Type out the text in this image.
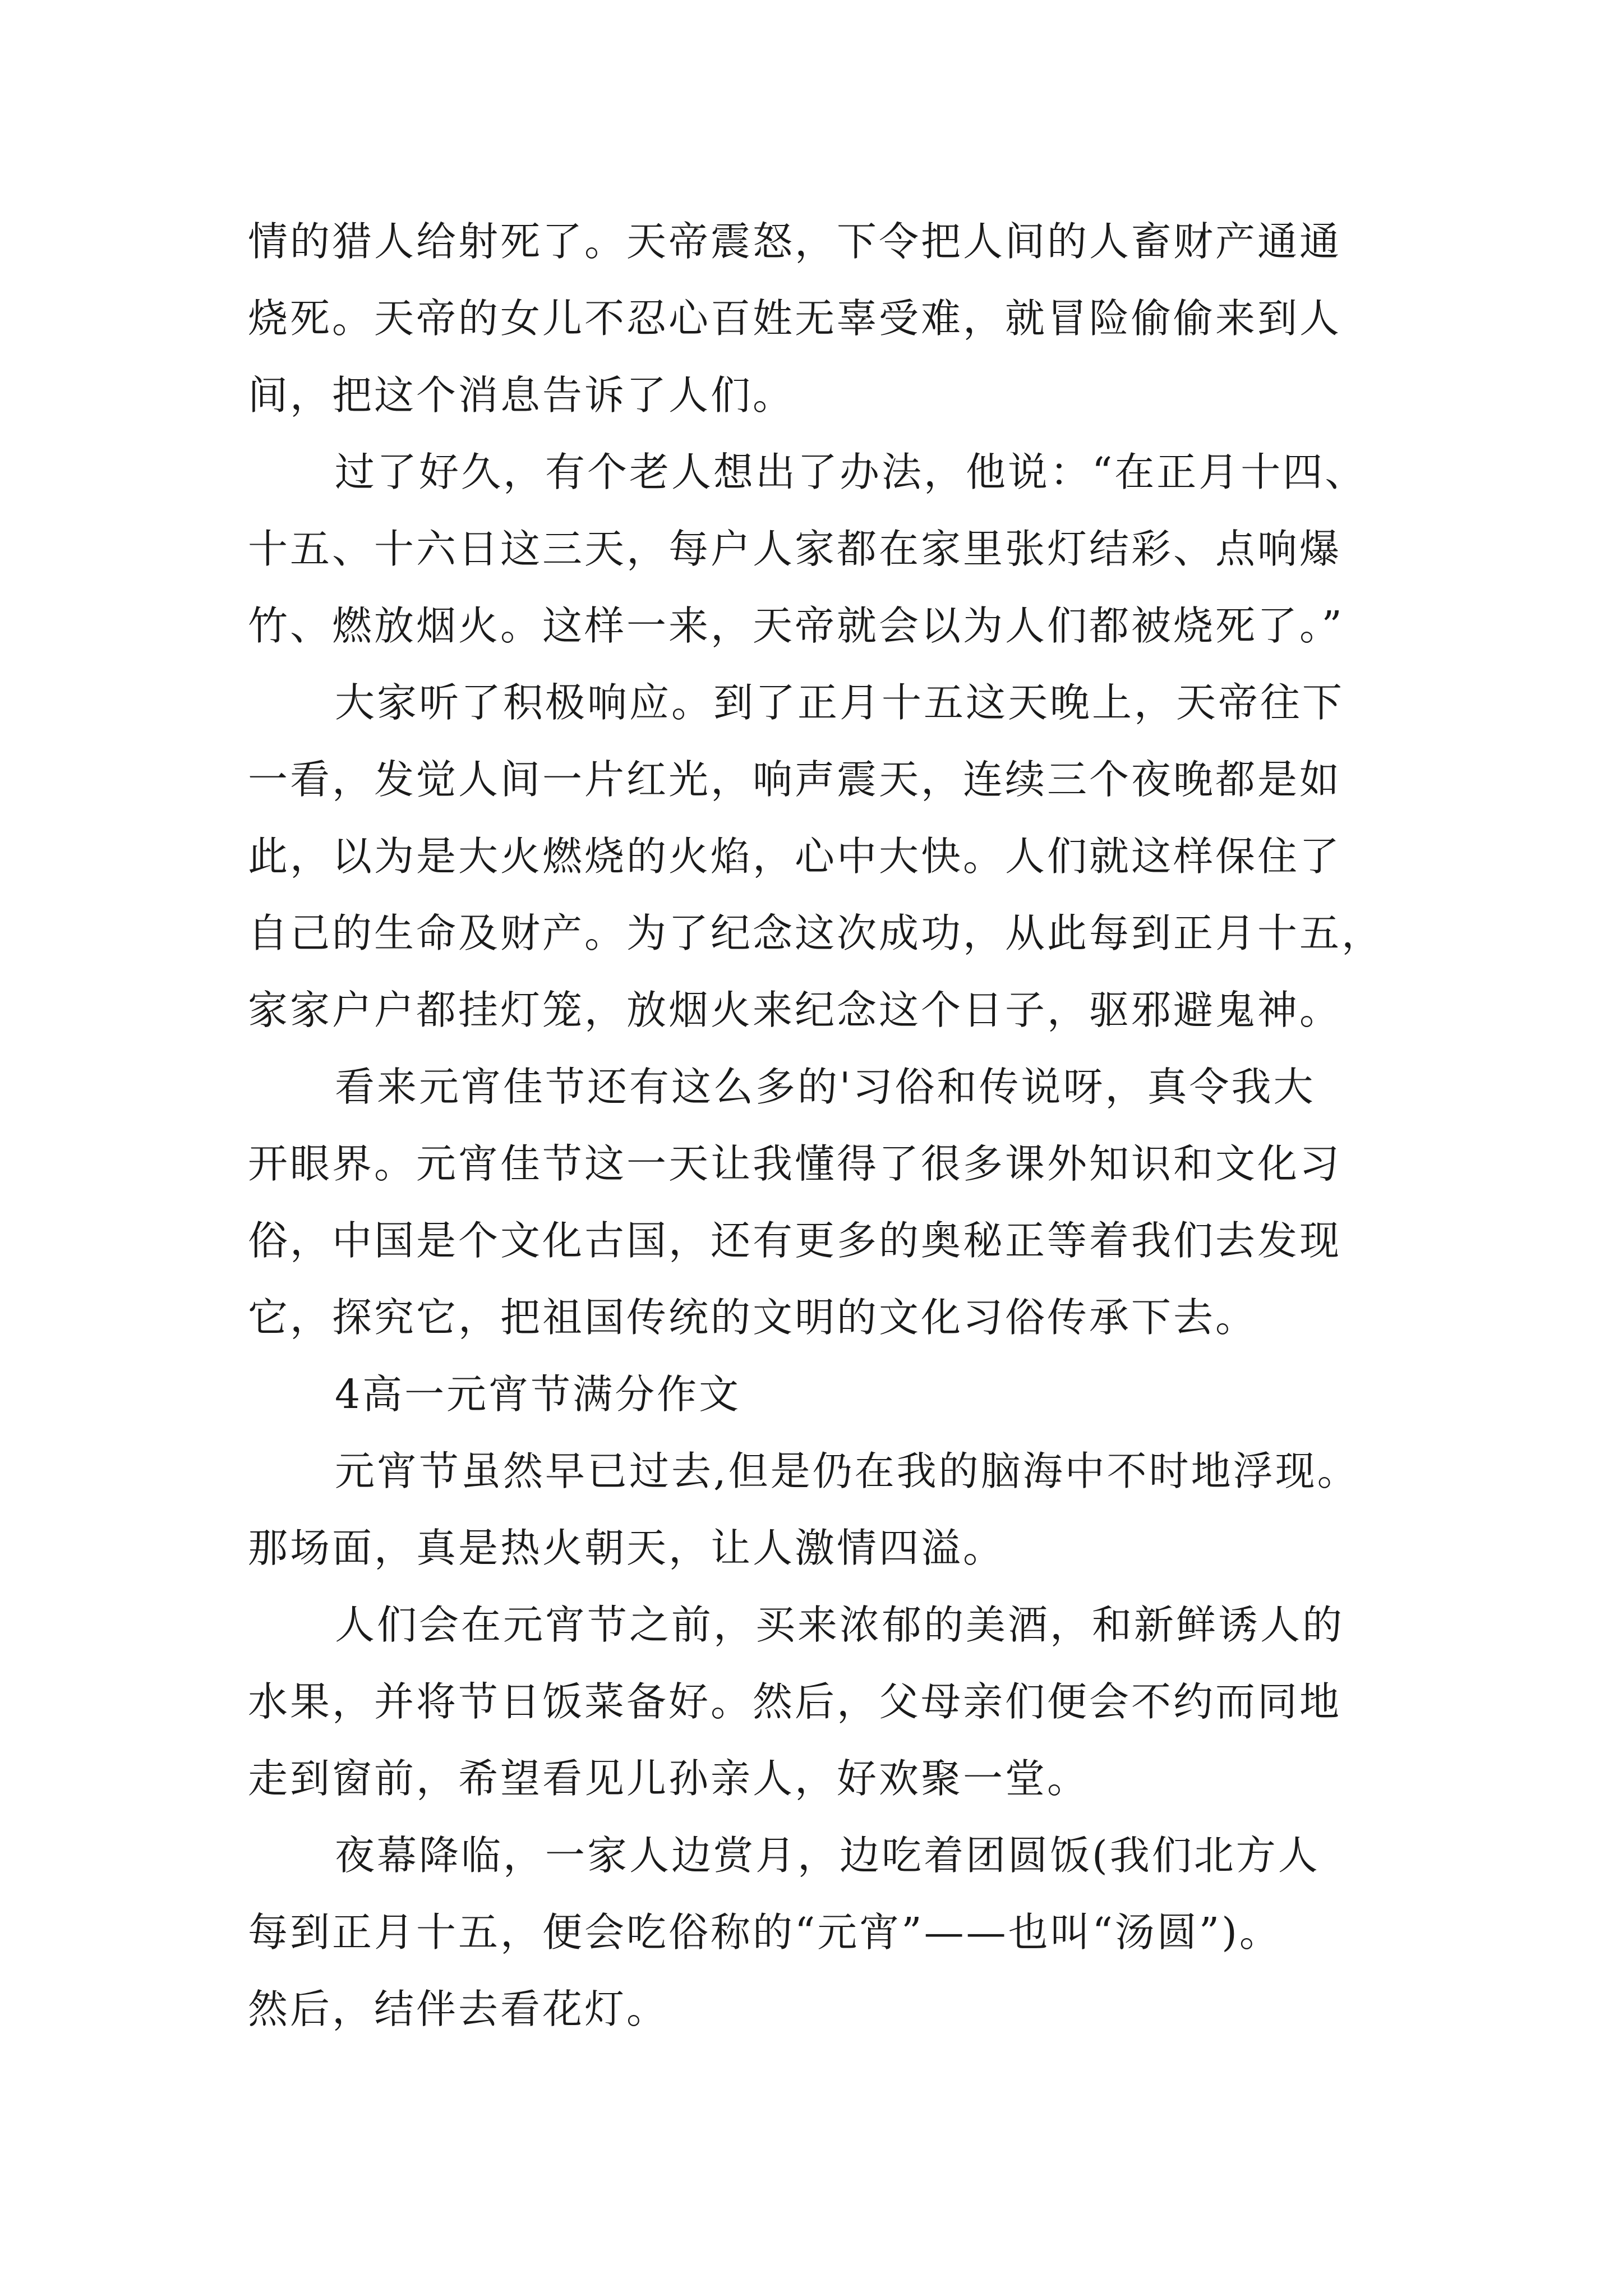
情的猎人给射死了。天帝震怒，下令把人间的人畜财产通通
烧死。天帝的女儿不忍心百姓无辜受难，就冒险偷偷来到人
间，把这个消息告诉了人们。
过了好久，有个老人想出了办法，他说：“在正月十四、
十五、十六日这三天，每户人家都在家里张灯结彩、点响爆
竹、燃放烟火。这样一来，天帝就会以为人们都被烧死了。”
大家听了积极响应。到了正月十五这天晚上，天帝往下
一看，发觉人间一片红光，响声震天，连续三个夜晚都是如
此，以为是大火燃烧的火焰，心中大快。人们就这样保住了
自己的生命及财产。为了纪念这次成功，从此每到正月十五，
家家户户都挂灯笼，放烟火来纪念这个日子，驱邪避鬼神。
看来元宵佳节还有这么多的'习俗和传说呀，真令我大
开眼界。元宵佳节这一天让我懂得了很多课外知识和文化习
俗，中国是个文化古国，还有更多的奥秘正等着我们去发现
它，探究它，把祖国传统的文明的文化习俗传承下去。
4高一元宵节满分作文
元宵节虽然早已过去,但是仍在我的脑海中不时地浮现。
那场面，真是热火朝天，让人激情四溢。
人们会在元宵节之前，买来浓郁的美酒，和新鲜诱人的
水果，并将节日饭菜备好。然后，父母亲们便会不约而同地
走到窗前，希望看见儿孙亲人，好欢聚一堂。
夜幕降临，一家人边赏月，边吃着团圆饭(我们北方人
每到正月十五，便会吃俗称的“元宵”——也叫“汤圆”)。
然后，结伴去看花灯。
